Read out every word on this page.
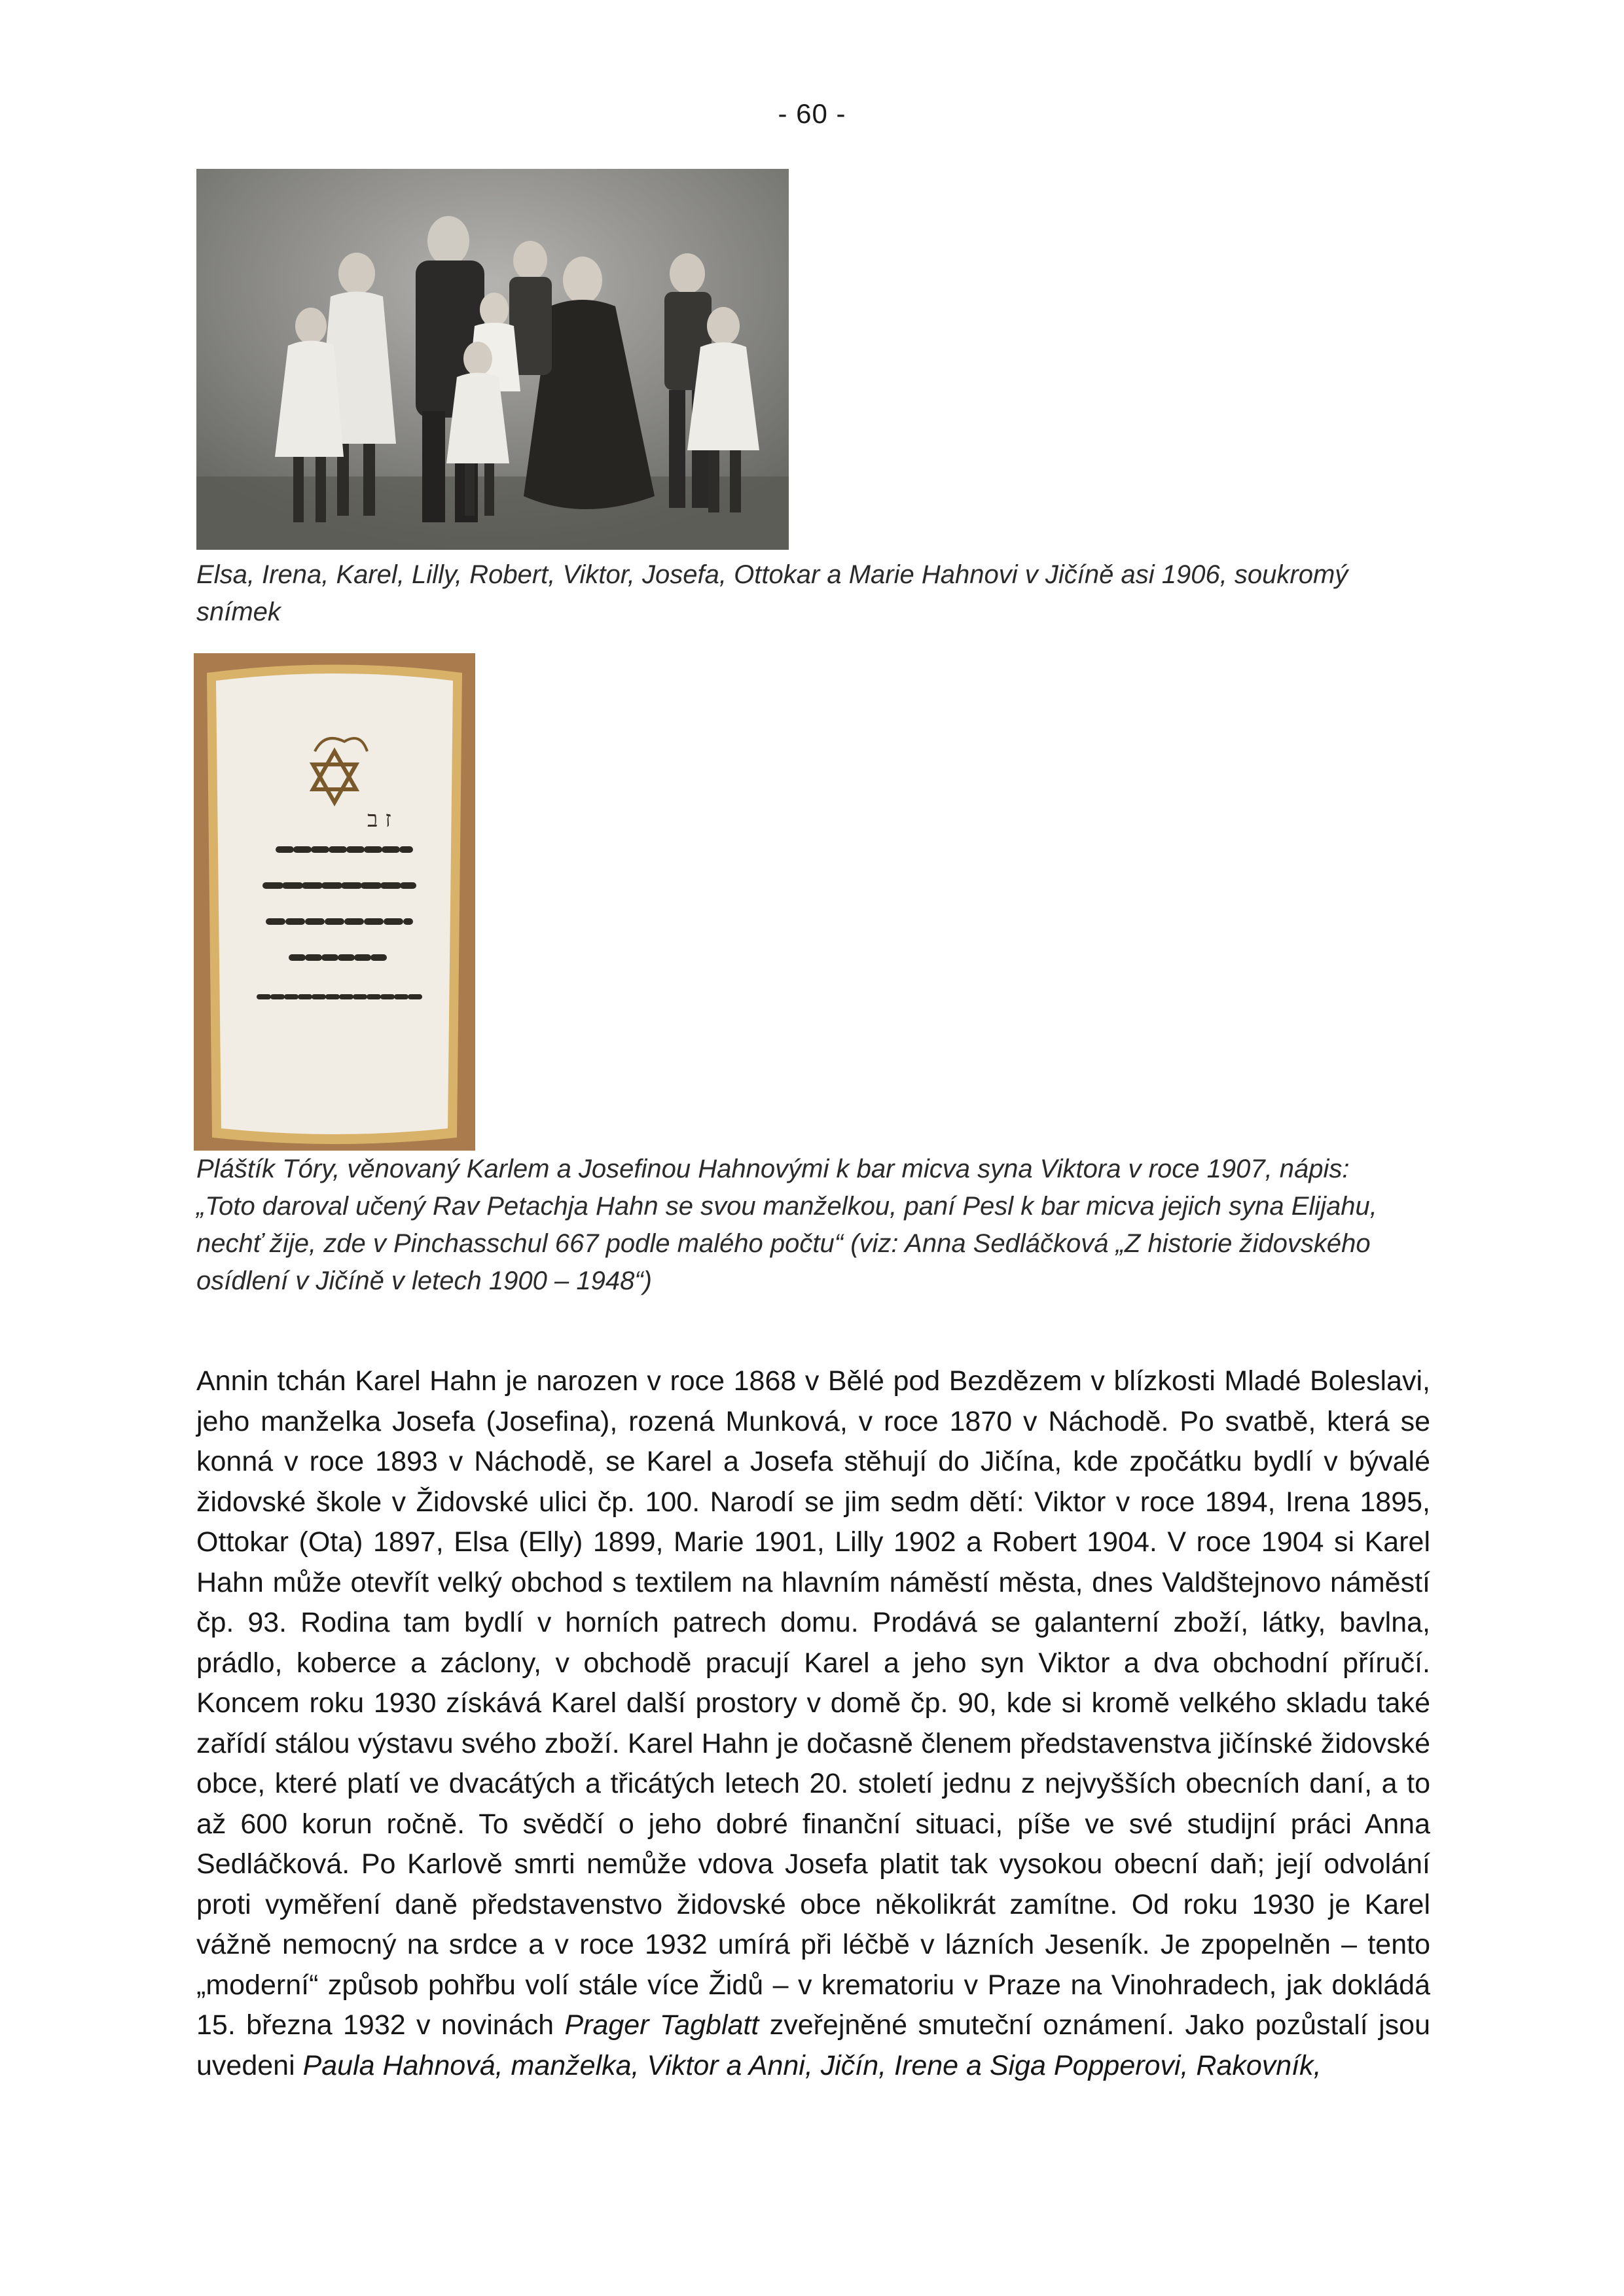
- 60 -

Elsa, Irena, Karel, Lilly, Robert, Viktor, Josefa, Ottokar a Marie Hahnovi v Jičíně asi 1906, soukromý snímek

ז ב

Pláštík Tóry, věnovaný Karlem a Josefinou Hahnovými k bar micva syna Viktora v roce 1907, nápis:

„Toto daroval učený Rav Petachja Hahn se svou manželkou, paní Pesl k bar micva jejich syna Elijahu,

nechť žije, zde v Pinchasschul 667 podle malého počtu“ (viz: Anna Sedláčková „Z historie židovského

osídlení v Jičíně v letech 1900 – 1948“)

Annin tchán Karel Hahn je narozen v roce 1868 v Bělé pod Bezdězem v blízkosti Mladé Boleslavi, jeho manželka Josefa (Josefina), rozená Munková, v roce 1870 v Náchodě. Po svatbě, která se konná v roce 1893 v Náchodě, se Karel a Josefa stěhují do Jičína, kde zpočátku bydlí v bývalé židovské škole v Židovské ulici čp. 100. Narodí se jim sedm dětí: Viktor v roce 1894, Irena 1895, Ottokar (Ota) 1897, Elsa (Elly) 1899, Marie 1901, Lilly 1902 a Robert 1904. V roce 1904 si Karel Hahn může otevřít velký obchod s textilem na hlavním náměstí města, dnes Valdštejnovo náměstí čp. 93. Rodina tam bydlí v horních patrech domu. Prodává se galanterní zboží, látky, bavlna, prádlo, koberce a záclony, v obchodě pracují Karel a jeho syn Viktor a dva obchodní příručí. Koncem roku 1930 získává Karel další prostory v domě čp. 90, kde si kromě velkého skladu také zařídí stálou výstavu svého zboží. Karel Hahn je dočasně členem představenstva jičínské židovské obce, které platí ve dvacátých a třicátých letech 20. století jednu z nejvyšších obecních daní, a to až 600 korun ročně. To svědčí o jeho dobré finanční situaci, píše ve své studijní práci Anna Sedláčková. Po Karlově smrti nemůže vdova Josefa platit tak vysokou obecní daň; její odvolání proti vyměření daně představenstvo židovské obce několikrát zamítne. Od roku 1930 je Karel vážně nemocný na srdce a v roce 1932 umírá při léčbě v lázních Jeseník. Je zpopelněn – tento „moderní“ způsob pohřbu volí stále více Židů – v krematoriu v Praze na Vinohradech, jak dokládá 15. března 1932 v novinách Prager Tagblatt zveřejněné smuteční oznámení. Jako pozůstalí jsou uvedeni Paula Hahnová, manželka, Viktor a Anni, Jičín, Irene a Siga Popperovi, Rakovník,
